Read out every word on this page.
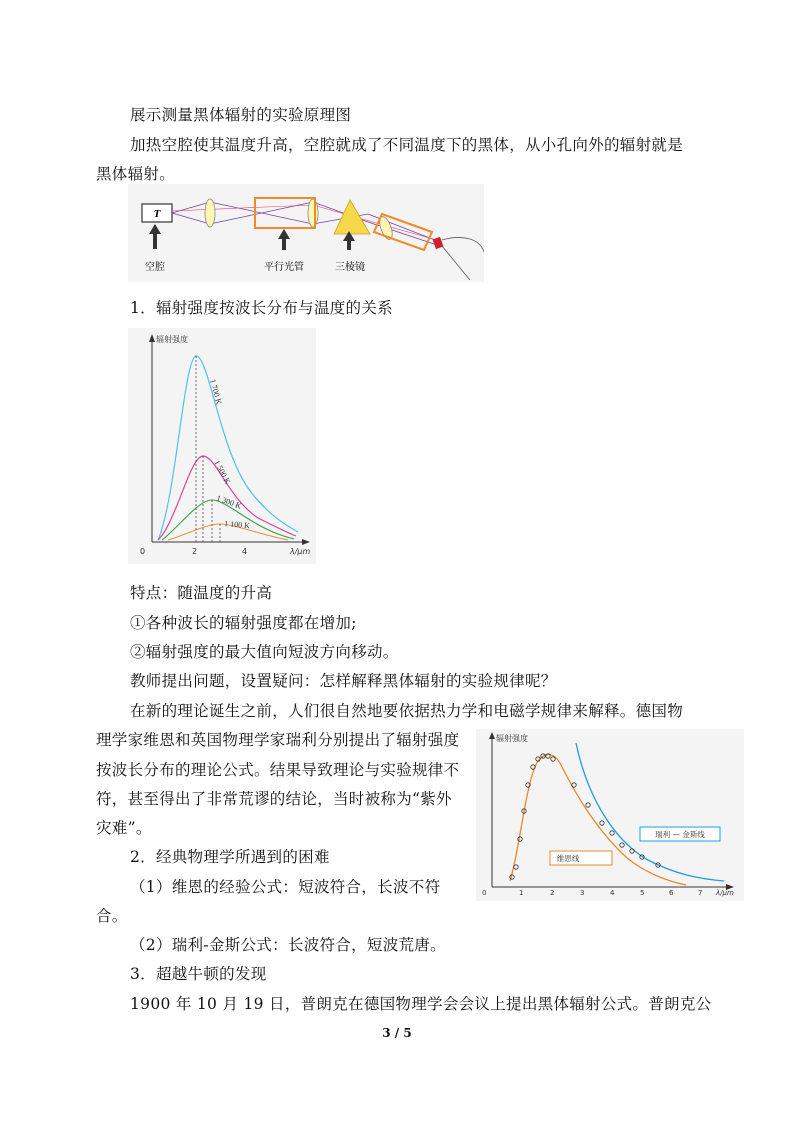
展示测量黑体辐射的实验原理图
加热空腔使其温度升高，空腔就成了不同温度下的黑体，从小孔向外的辐射就是
黑体辐射。
T
空腔	平行光管	三棱镜
1．辐射强度按波长分布与温度的关系
辐射强度
0	2	4	λ/μm
1 700 K
1 500 K
1 300 K
1 100 K
特点：随温度的升高
①各种波长的辐射强度都在增加;
②辐射强度的最大值向短波方向移动。
教师提出问题，设置疑问：怎样解释黑体辐射的实验规律呢？
在新的理论诞生之前，人们很自然地要依据热力学和电磁学规律来解释。德国物
理学家维恩和英国物理学家瑞利分别提出了辐射强度
按波长分布的理论公式。结果导致理论与实验规律不
符，甚至得出了非常荒谬的结论，当时被称为“紫外
灾难”。
2．经典物理学所遇到的困难
（1）维恩的经验公式：短波符合，长波不符
合。
（2）瑞利-金斯公式：长波符合，短波荒唐。
3．超越牛顿的发现
1900 年 10 月 19 日，普朗克在德国物理学会会议上提出黑体辐射公式。普朗克公
辐射强度
0	1	2	3	4	5	6	7 λ/μm
瑞利 — 金斯线
维恩线
3 / 5
